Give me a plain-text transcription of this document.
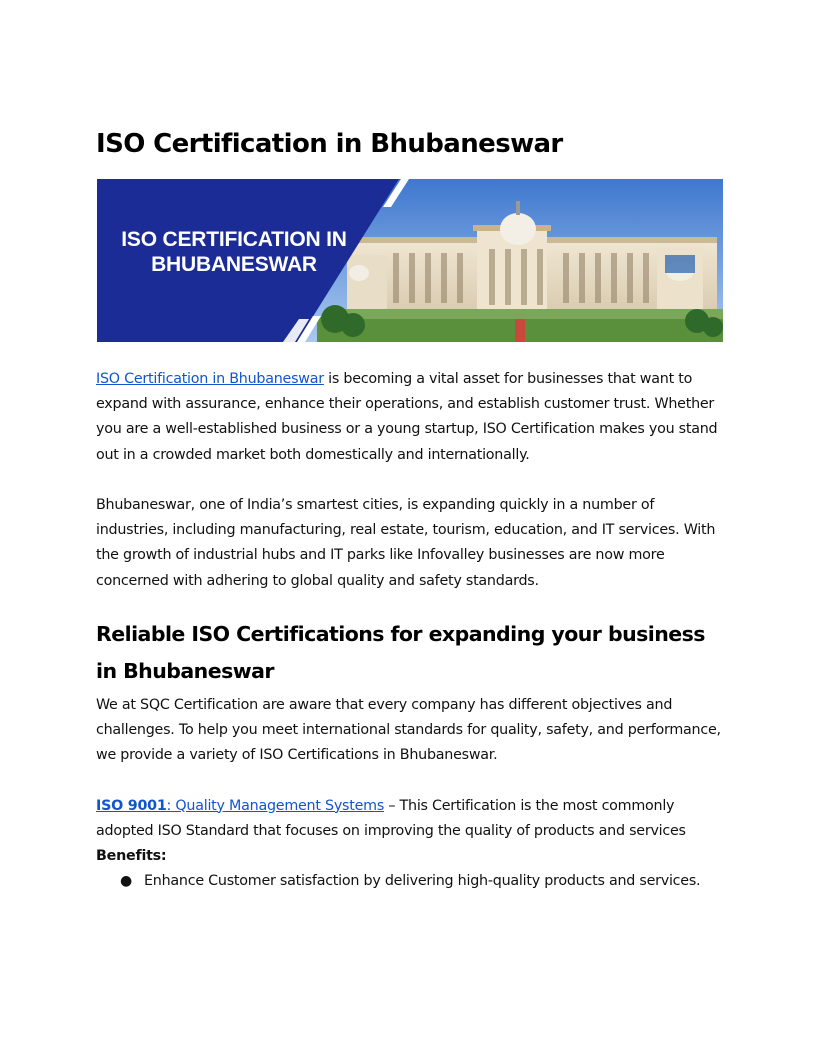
ISO Certification in Bhubaneswar
ISO CERTIFICATION IN
BHUBANESWAR

ISO Certification in Bhubaneswar is becoming a vital asset for businesses that want to expand with assurance, enhance their operations, and establish customer trust. Whether you are a well-established business or a young startup, ISO Certification makes you stand out in a crowded market both domestically and internationally.

Bhubaneswar, one of India’s smartest cities, is expanding quickly in a number of industries, including manufacturing, real estate, tourism, education, and IT services. With the growth of industrial hubs and IT parks like Infovalley businesses are now more concerned with adhering to global quality and safety standards.

Reliable ISO Certifications for expanding your business in Bhubaneswar

We at SQC Certification are aware that every company has different objectives and challenges. To help you meet international standards for quality, safety, and performance, we provide a variety of ISO Certifications in Bhubaneswar.

ISO 9001: Quality Management Systems – This Certification is the most commonly adopted ISO Standard that focuses on improving the quality of products and services

Benefits:
● Enhance Customer satisfaction by delivering high-quality products and services.
